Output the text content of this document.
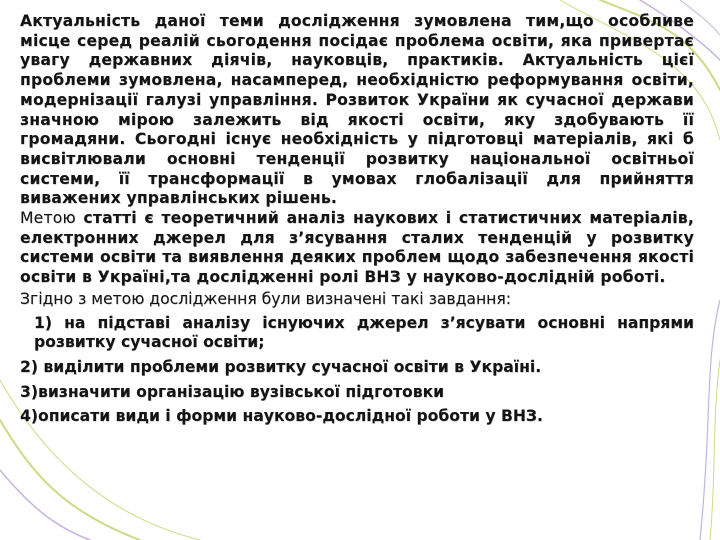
Актуальність даної теми дослідження зумовлена тим,що особливе місце серед реалій сьогодення посідає проблема освіти, яка привертає увагу державних діячів, науковців, практиків. Актуальність цієї проблеми зумовлена, насамперед, необхідністю реформування освіти, модернізації галузі управління. Розвиток України як сучасної держави значною мірою залежить від якості освіти, яку здобувають її громадяни. Сьогодні існує необхідність у підготовці матеріалів, які б висвітлювали основні тенденції розвитку національної освітньої системи, її трансформації в умовах глобалізації для прийняття виважених управлінських рішень.

Метою статті є теоретичний аналіз наукових і статистичних матеріалів, електронних джерел для з’ясування сталих тенденцій у розвитку системи освіти та виявлення деяких проблем щодо забезпечення якості освіти в Україні,та дослідженні ролі ВНЗ у науково-дослідній роботі.

Згідно з метою дослідження були визначені такі завдання:

1) на підставі аналізу існуючих джерел з’ясувати основні напрями розвитку сучасної освіти;

2) виділити проблеми розвитку сучасної освіти в Україні.

3)визначити організацію вузівської підготовки

4)описати види і форми науково-дослідної роботи у ВНЗ.
